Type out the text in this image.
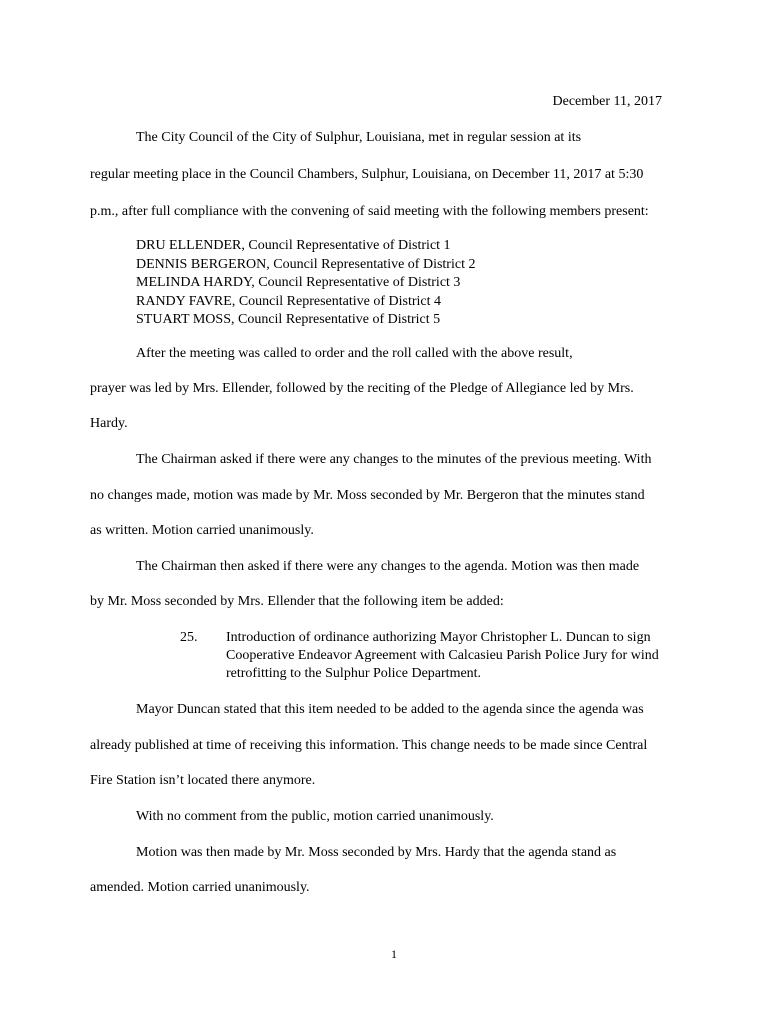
December 11, 2017
The City Council of the City of Sulphur, Louisiana, met in regular session at its
regular meeting place in the Council Chambers, Sulphur, Louisiana, on December 11, 2017 at 5:30
p.m., after full compliance with the convening of said meeting with the following members present:
DRU ELLENDER, Council Representative of District 1
DENNIS BERGERON, Council Representative of District 2
MELINDA HARDY, Council Representative of District 3
RANDY FAVRE, Council Representative of District 4
STUART MOSS, Council Representative of District 5
After the meeting was called to order and the roll called with the above result,
prayer was led by Mrs. Ellender, followed by the reciting of the Pledge of Allegiance led by Mrs.
Hardy.
The Chairman asked if there were any changes to the minutes of the previous meeting. With
no changes made, motion was made by Mr. Moss seconded by Mr. Bergeron that the minutes stand
as written. Motion carried unanimously.
The Chairman then asked if there were any changes to the agenda. Motion was then made
by Mr. Moss seconded by Mrs. Ellender that the following item be added:
25. Introduction of ordinance authorizing Mayor Christopher L. Duncan to sign
Cooperative Endeavor Agreement with Calcasieu Parish Police Jury for wind
retrofitting to the Sulphur Police Department.
Mayor Duncan stated that this item needed to be added to the agenda since the agenda was
already published at time of receiving this information. This change needs to be made since Central
Fire Station isn’t located there anymore.
With no comment from the public, motion carried unanimously.
Motion was then made by Mr. Moss seconded by Mrs. Hardy that the agenda stand as
amended. Motion carried unanimously.
1
